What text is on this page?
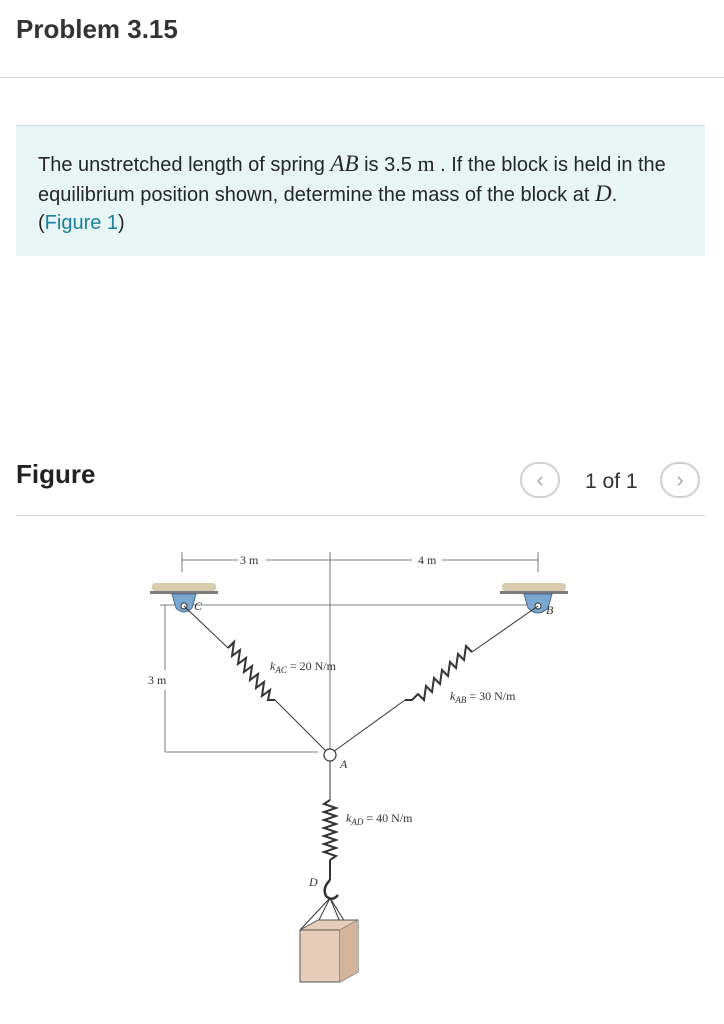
Problem 3.15
The unstretched length of spring AB is 3.5 m . If the block is held in the equilibrium position shown, determine the mass of the block at D. (Figure 1)
Figure	‹ 1 of 1 ›
3 m	4 m
3 m
C	B
A
D
$k_{AC} = 20$ N/m
$k_{AB} = 30$ N/m
$k_{AD} = 40$ N/m
